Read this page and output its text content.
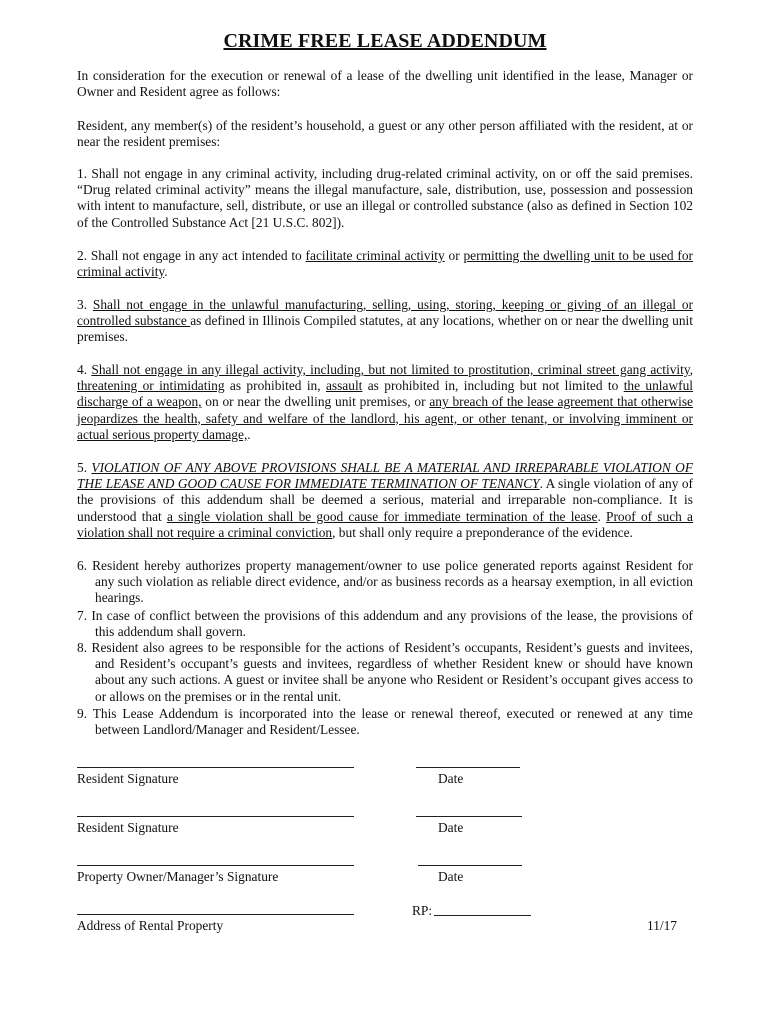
CRIME FREE LEASE ADDENDUM

In consideration for the execution or renewal of a lease of the dwelling unit identified in the lease, Manager or Owner and Resident agree as follows:

Resident, any member(s) of the resident’s household, a guest or any other person affiliated with the resident, at or near the resident premises:

1. Shall not engage in any criminal activity, including drug-related criminal activity, on or off the said premises. “Drug related criminal activity” means the illegal manufacture, sale, distribution, use, possession and possession with intent to manufacture, sell, distribute, or use an illegal or controlled substance (also as defined in Section 102 of the Controlled Substance Act [21 U.S.C. 802]).

2. Shall not engage in any act intended to facilitate criminal activity or permitting the dwelling unit to be used for criminal activity.

3. Shall not engage in the unlawful manufacturing, selling, using, storing, keeping or giving of an illegal or controlled substance as defined in Illinois Compiled statutes, at any locations, whether on or near the dwelling unit premises.

4. Shall not engage in any illegal activity, including, but not limited to prostitution, criminal street gang activity, threatening or intimidating as prohibited in, assault as prohibited in, including but not limited to the unlawful discharge of a weapon, on or near the dwelling unit premises, or any breach of the lease agreement that otherwise jeopardizes the health, safety and welfare of the landlord, his agent, or other tenant, or involving imminent or actual serious property damage,.

5. VIOLATION OF ANY ABOVE PROVISIONS SHALL BE A MATERIAL AND IRREPARABLE VIOLATION OF THE LEASE AND GOOD CAUSE FOR IMMEDIATE TERMINATION OF TENANCY. A single violation of any of the provisions of this addendum shall be deemed a serious, material and irreparable non-compliance. It is understood that a single violation shall be good cause for immediate termination of the lease. Proof of such a violation shall not require a criminal conviction, but shall only require a preponderance of the evidence.

6. Resident hereby authorizes property management/owner to use police generated reports against Resident for any such violation as reliable direct evidence, and/or as business records as a hearsay exemption, in all eviction hearings.
7. In case of conflict between the provisions of this addendum and any provisions of the lease, the provisions of this addendum shall govern.
8. Resident also agrees to be responsible for the actions of Resident’s occupants, Resident’s guests and invitees, and Resident’s occupant’s guests and invitees, regardless of whether Resident knew or should have known about any such actions. A guest or invitee shall be anyone who Resident or Resident’s occupant gives access to or allows on the premises or in the rental unit.
9. This Lease Addendum is incorporated into the lease or renewal thereof, executed or renewed at any time between Landlord/Manager and Resident/Lessee.
Resident Signature	Date
Resident Signature	Date
Property Owner/Manager’s Signature	Date
Address of Rental Property
RP:
11/17
